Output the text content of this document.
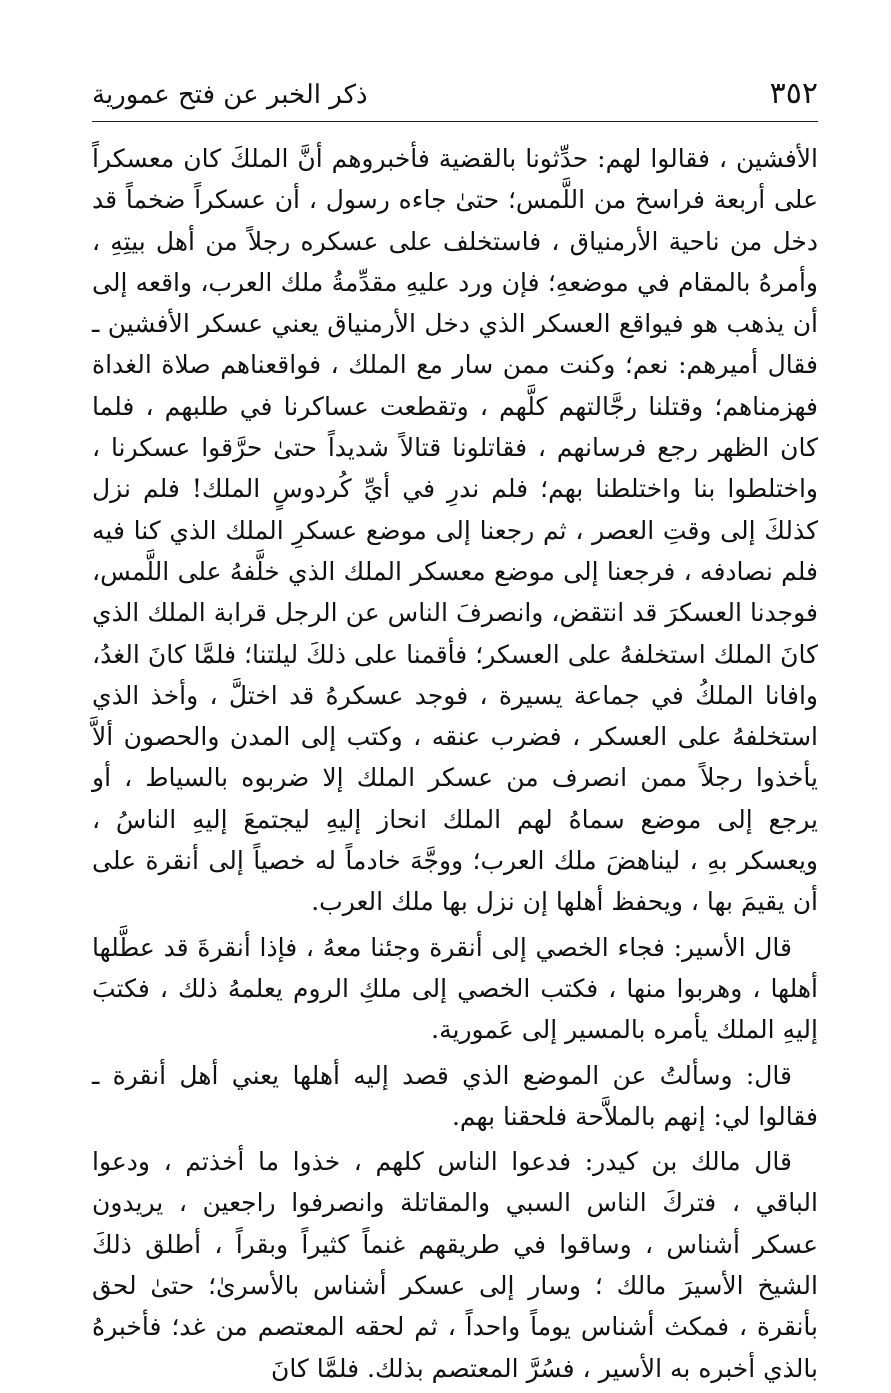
٣٥٢
ذكر الخبر عن فتح عمورية

الأفشين ، فقالوا لهم: حدِّثونا بالقضية فأخبروهم أنَّ الملكَ كان معسكراً على أربعة فراسخ من اللَّمس؛ حتىٰ جاءه رسول ، أن عسكراً ضخماً قد دخل من ناحية الأرمنياق ، فاستخلف على عسكره رجلاً من أهل بيتِهِ ، وأمرهُ بالمقام في موضعهِ؛ فإن ورد عليهِ مقدِّمةُ ملك العرب، واقعه إلى أن يذهب هو فيواقع العسكر الذي دخل الأرمنياق يعني عسكر الأفشين ـ فقال أميرهم: نعم؛ وكنت ممن سار مع الملك ، فواقعناهم صلاة الغداة فهزمناهم؛ وقتلنا رجَّالتهم كلَّهم ، وتقطعت عساكرنا في طلبهم ، فلما كان الظهر رجع فرسانهم ، فقاتلونا قتالاً شديداً حتىٰ حرَّقوا عسكرنا ، واختلطوا بنا واختلطنا بهم؛ فلم ندرِ في أيِّ كُردوسٍ الملك! فلم نزل كذلكَ إلى وقتِ العصر ، ثم رجعنا إلى موضع عسكرِ الملك الذي كنا فيه فلم نصادفه ، فرجعنا إلى موضع معسكر الملك الذي خلَّفهُ على اللَّمس، فوجدنا العسكرَ قد انتقض، وانصرفَ الناس عن الرجل قرابة الملك الذي كانَ الملك استخلفهُ على العسكر؛ فأقمنا على ذلكَ ليلتنا؛ فلمَّا كانَ الغدُ، وافانا الملكُ في جماعة يسيرة ، فوجد عسكرهُ قد اختلَّ ، وأخذ الذي استخلفهُ على العسكر ، فضرب عنقه ، وكتب إلى المدن والحصون ألاَّ يأخذوا رجلاً ممن انصرف من عسكر الملك إلا ضربوه بالسياط ، أو يرجع إلى موضع سماهُ لهم الملك انحاز إليهِ ليجتمعَ إليهِ الناسُ ، ويعسكر بهِ ، ليناهضَ ملك العرب؛ ووجَّهَ خادماً له خصياً إلى أنقرة على أن يقيمَ بها ، ويحفظ أهلها إن نزل بها ملك العرب.

قال الأسير: فجاء الخصي إلى أنقرة وجئنا معهُ ، فإذا أنقرةَ قد عطَّلها أهلها ، وهربوا منها ، فكتب الخصي إلى ملكِ الروم يعلمهُ ذلك ، فكتبَ إليهِ الملك يأمره بالمسير إلى عَمورية.

قال: وسألتُ عن الموضع الذي قصد إليه أهلها يعني أهل أنقرة ـ فقالوا لي: إنهم بالملاَّحة فلحقنا بهم.

قال مالك بن كيدر: فدعوا الناس كلهم ، خذوا ما أخذتم ، ودعوا الباقي ، فتركَ الناس السبي والمقاتلة وانصرفوا راجعين ، يريدون عسكر أشناس ، وساقوا في طريقهم غنماً كثيراً وبقراً ، أطلق ذلكَ الشيخ الأسيرَ مالك ؛ وسار إلى عسكر أشناس بالأسرىٰ؛ حتىٰ لحق بأنقرة ، فمكث أشناس يوماً واحداً ، ثم لحقه المعتصم من غد؛ فأخبرهُ بالذي أخبره به الأسير ، فسُرَّ المعتصم بذلك. فلمَّا كانَ
